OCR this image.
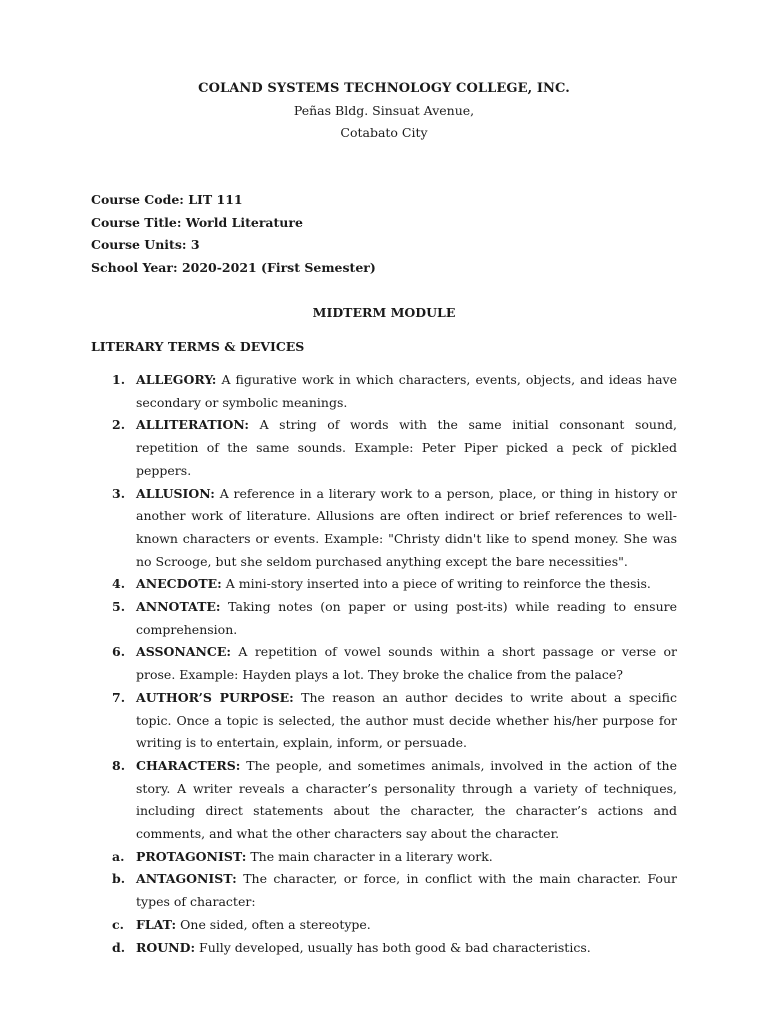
COLAND SYSTEMS TECHNOLOGY COLLEGE, INC.
Peñas Bldg. Sinsuat Avenue,
Cotabato City
Course Code: LIT 111
Course Title: World Literature
Course Units: 3
School Year: 2020-2021 (First Semester)
MIDTERM MODULE
LITERARY TERMS & DEVICES
1. ALLEGORY: A figurative work in which characters, events, objects, and ideas have secondary or symbolic meanings.
2. ALLITERATION: A string of words with the same initial consonant sound, repetition of the same sounds. Example: Peter Piper picked a peck of pickled peppers.
3. ALLUSION: A reference in a literary work to a person, place, or thing in history or another work of literature. Allusions are often indirect or brief references to well-known characters or events. Example: "Christy didn't like to spend money. She was no Scrooge, but she seldom purchased anything except the bare necessities".
4. ANECDOTE: A mini-story inserted into a piece of writing to reinforce the thesis.
5. ANNOTATE: Taking notes (on paper or using post-its) while reading to ensure comprehension.
6. ASSONANCE: A repetition of vowel sounds within a short passage or verse or prose. Example: Hayden plays a lot. They broke the chalice from the palace?
7. AUTHOR’S PURPOSE: The reason an author decides to write about a specific topic. Once a topic is selected, the author must decide whether his/her purpose for writing is to entertain, explain, inform, or persuade.
8. CHARACTERS: The people, and sometimes animals, involved in the action of the story. A writer reveals a character’s personality through a variety of techniques, including direct statements about the character, the character’s actions and comments, and what the other characters say about the character.
a. PROTAGONIST: The main character in a literary work.
b. ANTAGONIST: The character, or force, in conflict with the main character. Four types of character:
c. FLAT: One sided, often a stereotype.
d. ROUND: Fully developed, usually has both good & bad characteristics.
